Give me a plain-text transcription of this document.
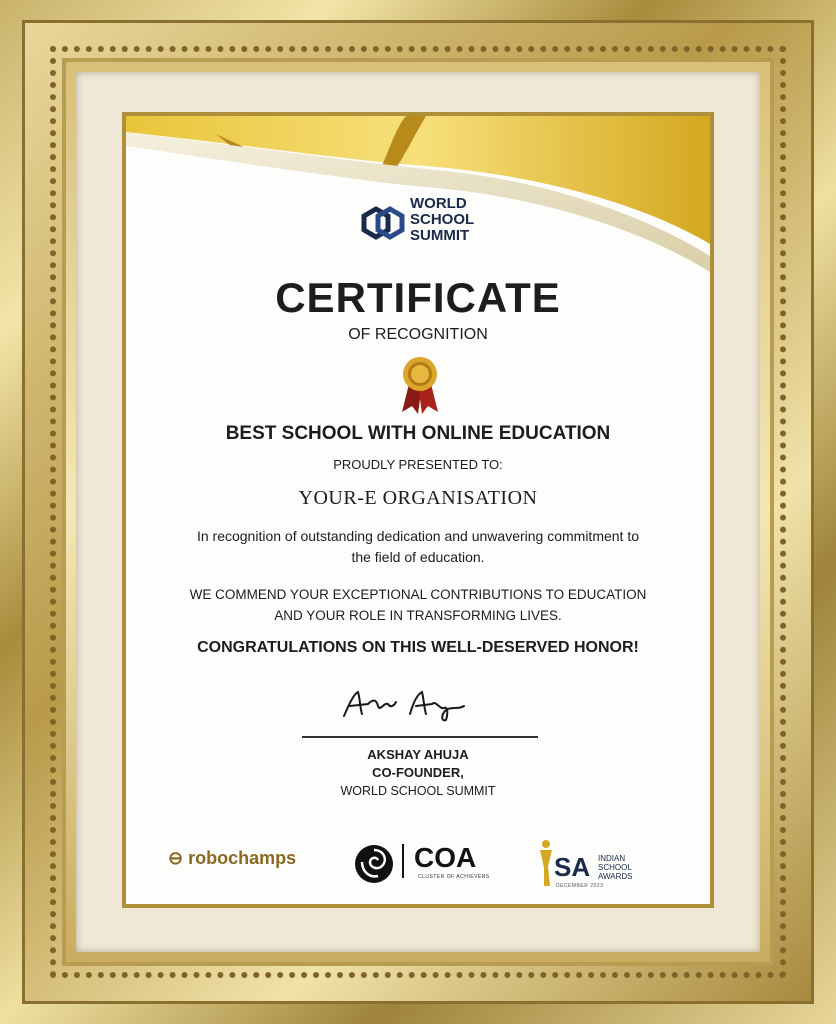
WORLD
SCHOOL
SUMMIT
CERTIFICATE
OF RECOGNITION
BEST SCHOOL WITH ONLINE EDUCATION
PROUDLY PRESENTED TO:
YOUR-E ORGANISATION
In recognition of outstanding dedication and unwavering commitment to the field of education.
WE COMMEND YOUR EXCEPTIONAL CONTRIBUTIONS TO EDUCATION AND YOUR ROLE IN TRANSFORMING LIVES.
CONGRATULATIONS ON THIS WELL-DESERVED HONOR!
AKSHAY AHUJA
CO-FOUNDER,
WORLD SCHOOL SUMMIT
⊖ robochamps	COA
CLUSTER OF ACHIEVERS SA INDIAN
SCHOOL
AWARDS
DECEMBER 2023
